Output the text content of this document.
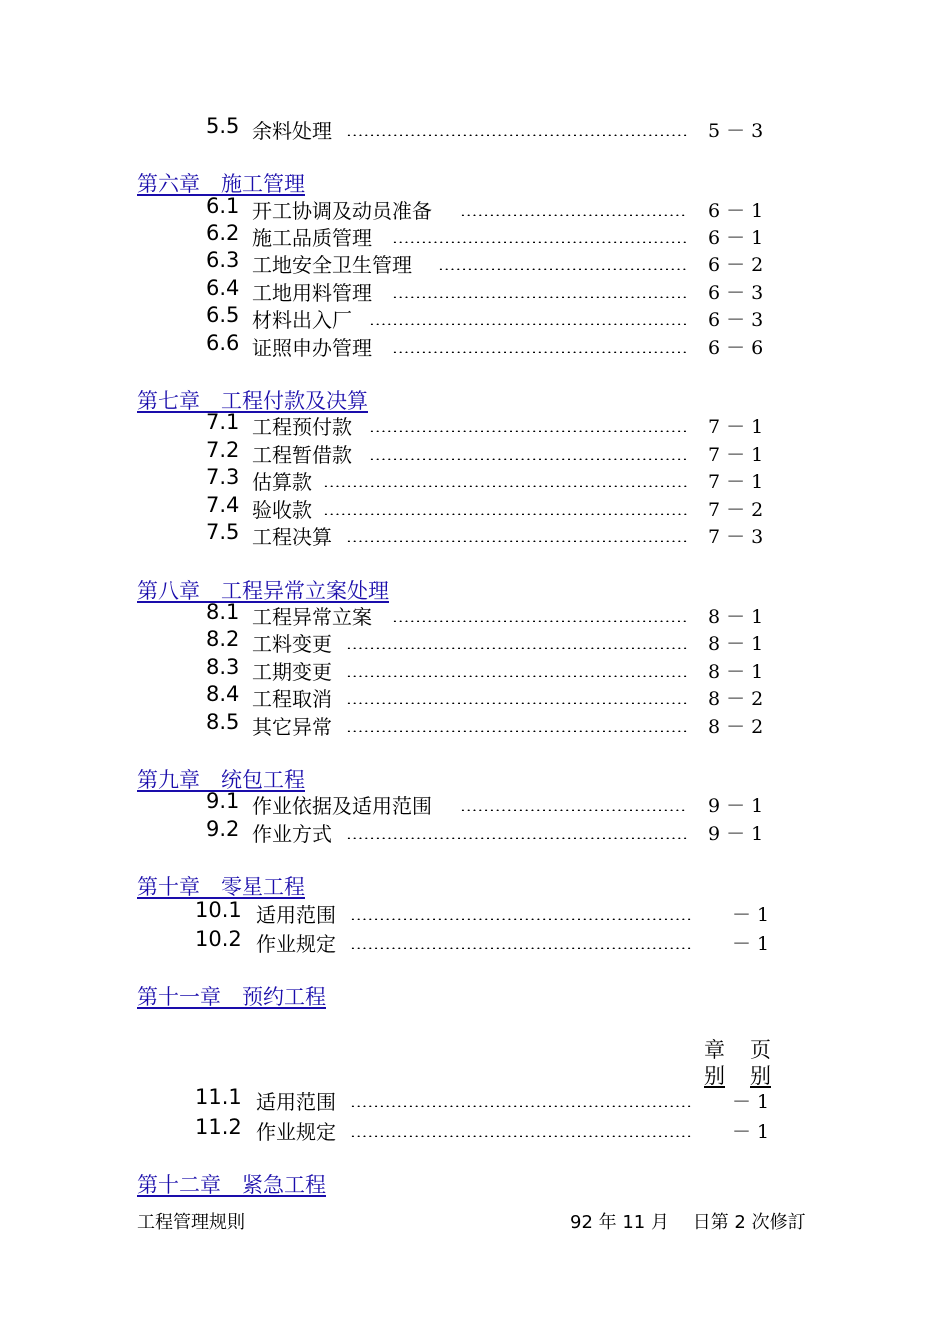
5.5 余料处理	5 － 3
第六章　施工管理
6.1 开工协调及动员准备	6 － 1
6.2 施工品质管理	6 － 1
6.3 工地安全卫生管理	6 － 2
6.4 工地用料管理	6 － 3
6.5 材料出入厂	6 － 3
6.6 证照申办管理	6 － 6
第七章　工程付款及决算
7.1 工程预付款	7 － 1
7.2 工程暂借款	7 － 1
7.3 估算款	7 － 1
7.4 验收款	7 － 2
7.5 工程决算	7 － 3
第八章　工程异常立案处理
8.1 工程异常立案	8 － 1
8.2 工料变更	8 － 1
8.3 工期变更	8 － 1
8.4 工程取消	8 － 2
8.5 其它异常	8 － 2
第九章　统包工程
9.1 作业依据及适用范围	9 － 1
9.2 作业方式	9 － 1
第十章　零星工程
10.1 适用范围	－ 1
10.2 作业规定	－ 1
第十一章　预约工程
章 页
别 别
11.1 适用范围	－ 1
11.2 作业规定	－ 1
第十二章　紧急工程
工程管理规則	92 年 11 月　 日第 2 次修訂
